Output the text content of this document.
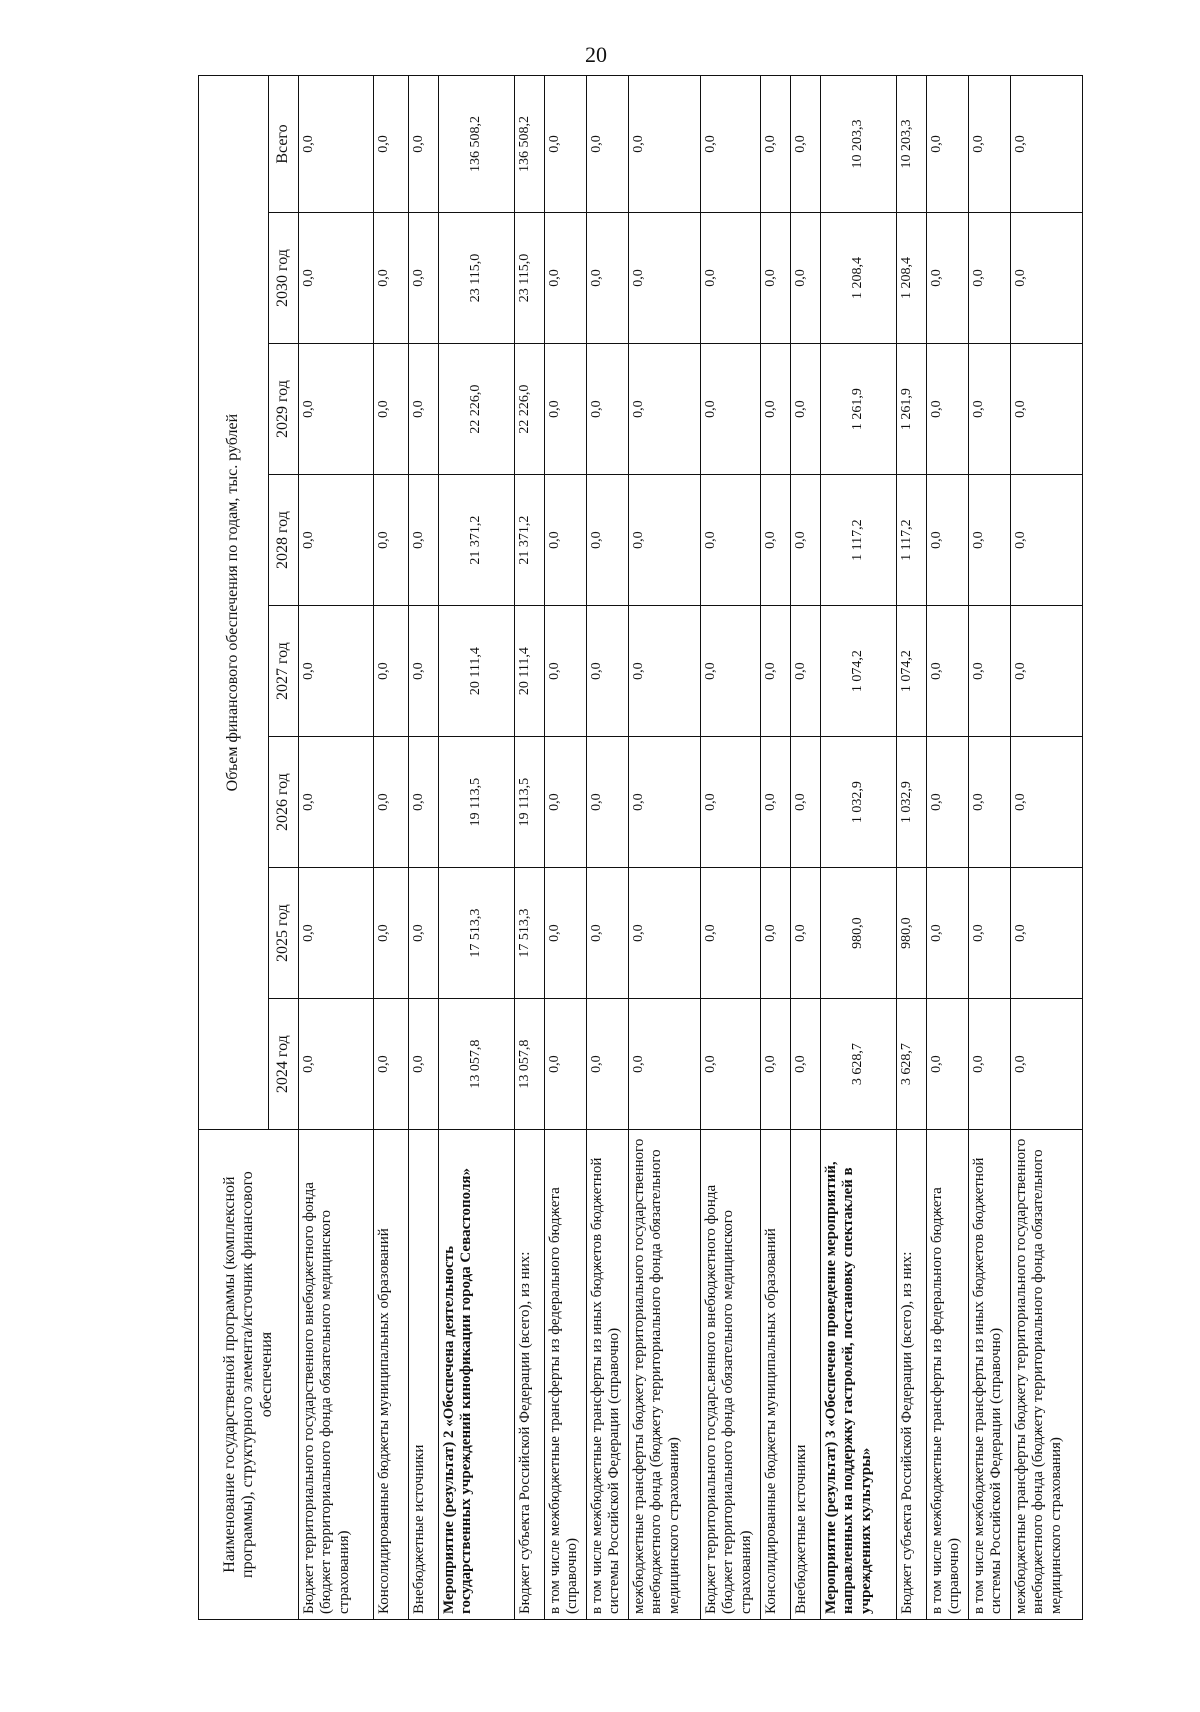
20
Наименование государственной программы (комплексной программы), структурного элемента/источник финансового обеспечения	Объем финансового обеспечения по годам, тыс. рублей							
	2024 год	2025 год	2026 год	2027 год	2028 год	2029 год	2030 год	Всего
Бюджет территориального государственного внебюджетного фонда (бюджет территориального фонда обязательного медицинского страхования)	0,0	0,0	0,0	0,0	0,0	0,0	0,0	0,0
Консолидированные бюджеты муниципальных образований	0,0	0,0	0,0	0,0	0,0	0,0	0,0	0,0
Внебюджетные источники	0,0	0,0	0,0	0,0	0,0	0,0	0,0	0,0
Мероприятие (результат) 2 «Обеспечена деятельность государственных учреждений кинофикации города Севастополя»	13 057,8	17 513,3	19 113,5	20 111,4	21 371,2	22 226,0	23 115,0	136 508,2
Бюджет субъекта Российской Федерации (всего), из них:	13 057,8	17 513,3	19 113,5	20 111,4	21 371,2	22 226,0	23 115,0	136 508,2
в том числе межбюджетные трансферты из федерального бюджета (справочно)	0,0	0,0	0,0	0,0	0,0	0,0	0,0	0,0
в том числе межбюджетные трансферты из иных бюджетов бюджетной системы Российской Федерации (справочно)	0,0	0,0	0,0	0,0	0,0	0,0	0,0	0,0
межбюджетные трансферты бюджету территориального государственного внебюджетного фонда (бюджету территориального фонда обязательного медицинского страхования)	0,0	0,0	0,0	0,0	0,0	0,0	0,0	0,0
Бюджет территориального государс.венного внебюджетного фонда (бюджет территориального фонда обязательного медицинского страхования)	0,0	0,0	0,0	0,0	0,0	0,0	0,0	0,0
Консолидированные бюджеты муниципальных образований	0,0	0,0	0,0	0,0	0,0	0,0	0,0	0,0
Внебюджетные источники	0,0	0,0	0,0	0,0	0,0	0,0	0,0	0,0
Мероприятие (результат) 3 «Обеспечено проведение мероприятий, направленных на поддержку гастролей, постановку спектаклей в учреждениях культуры»	3 628,7	980,0	1 032,9	1 074,2	1 117,2	1 261,9	1 208,4	10 203,3
Бюджет субъекта Российской Федерации (всего), из них:	3 628,7	980,0	1 032,9	1 074,2	1 117,2	1 261,9	1 208,4	10 203,3
в том числе межбюджетные трансферты из федерального бюджета (справочно)	0,0	0,0	0,0	0,0	0,0	0,0	0,0	0,0
в том числе межбюджетные трансферты из иных бюджетов бюджетной системы Российской Федерации (справочно)	0,0	0,0	0,0	0,0	0,0	0,0	0,0	0,0
межбюджетные трансферты бюджету территориального государственного внебюджетного фонда (бюджету территориального фонда обязательного медицинского страхования)	0,0	0,0	0,0	0,0	0,0	0,0	0,0	0,0
